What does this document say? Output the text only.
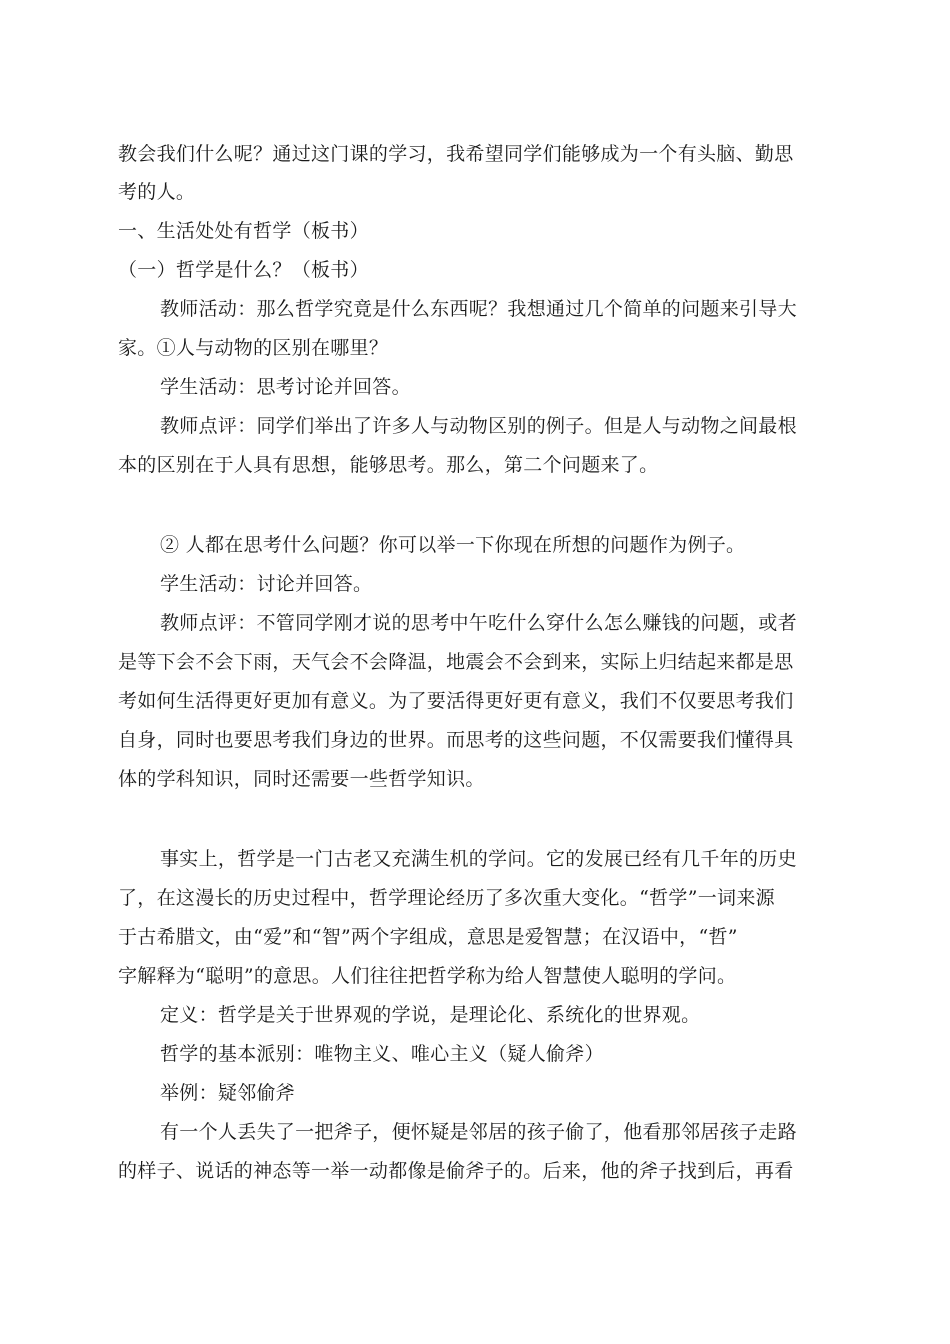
教会我们什么呢？通过这门课的学习，我希望同学们能够成为一个有头脑、勤思
考的人。
一、生活处处有哲学（板书）
（一）哲学是什么？（板书）
教师活动：那么哲学究竟是什么东西呢？我想通过几个简单的问题来引导大
家。①人与动物的区别在哪里？
学生活动：思考讨论并回答。
教师点评：同学们举出了许多人与动物区别的例子。但是人与动物之间最根
本的区别在于人具有思想，能够思考。那么，第二个问题来了。
② 人都在思考什么问题？你可以举一下你现在所想的问题作为例子。
学生活动：讨论并回答。
教师点评：不管同学刚才说的思考中午吃什么穿什么怎么赚钱的问题，或者
是等下会不会下雨，天气会不会降温，地震会不会到来，实际上归结起来都是思
考如何生活得更好更加有意义。为了要活得更好更有意义，我们不仅要思考我们
自身，同时也要思考我们身边的世界。而思考的这些问题，不仅需要我们懂得具
体的学科知识，同时还需要一些哲学知识。
事实上，哲学是一门古老又充满生机的学问。它的发展已经有几千年的历史
了，在这漫长的历史过程中，哲学理论经历了多次重大变化。“哲学”一词来源
于古希腊文，由“爱”和“智”两个字组成，意思是爱智慧；在汉语中，“哲”
字解释为“聪明”的意思。人们往往把哲学称为给人智慧使人聪明的学问。
定义：哲学是关于世界观的学说，是理论化、系统化的世界观。
哲学的基本派别：唯物主义、唯心主义（疑人偷斧）
举例：疑邻偷斧
有一个人丢失了一把斧子，便怀疑是邻居的孩子偷了，他看那邻居孩子走路
的样子、说话的神态等一举一动都像是偷斧子的。后来，他的斧子找到后，再看
